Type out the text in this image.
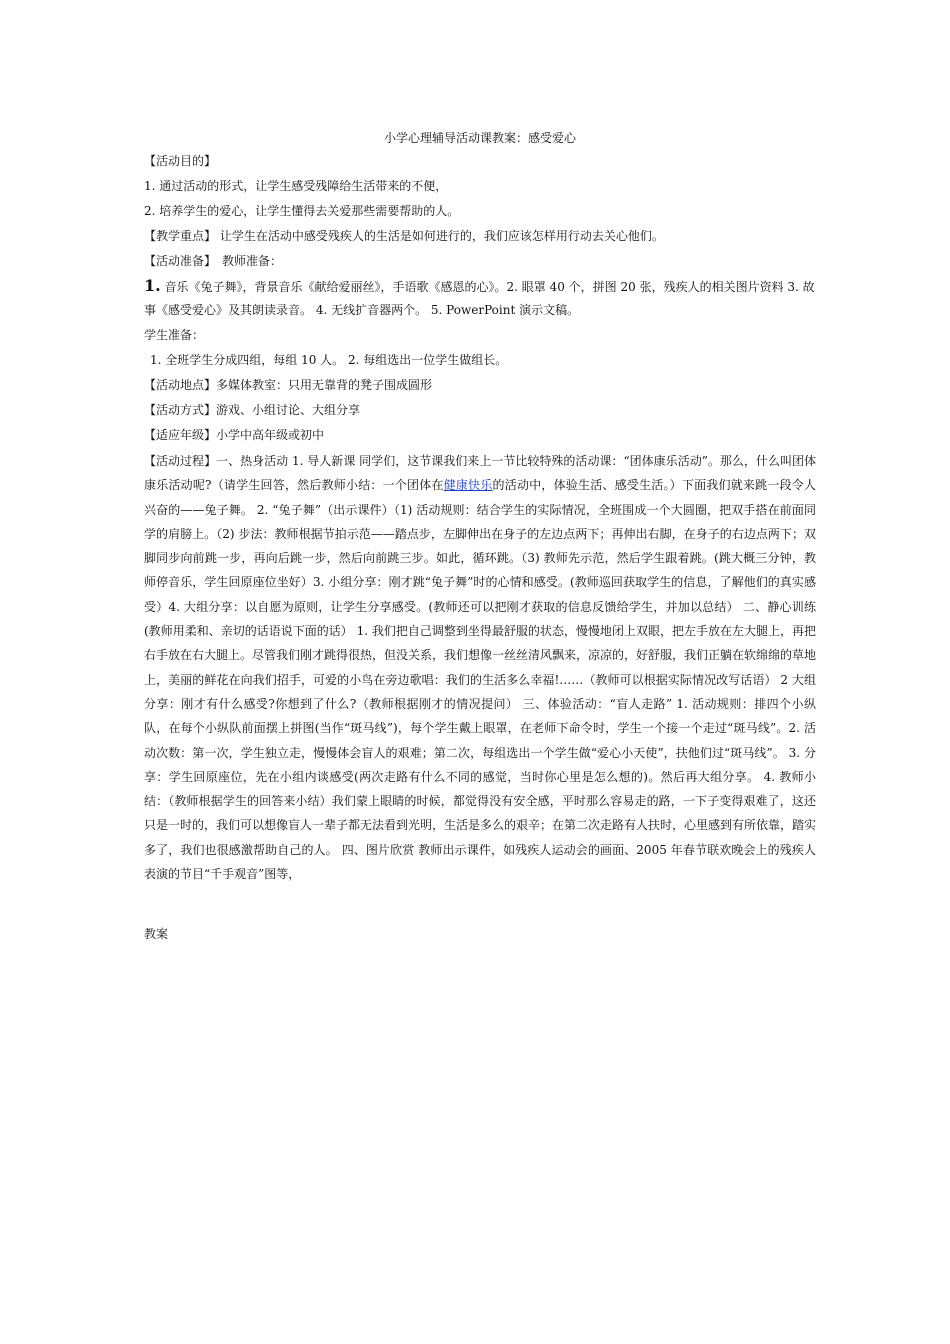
小学心理辅导活动课教案：感受爱心
【活动目的】
1. 通过活动的形式，让学生感受残障给生活带来的不便，
2. 培养学生的爱心，让学生懂得去关爱那些需要帮助的人。
【教学重点】 让学生在活动中感受残疾人的生活是如何进行的，我们应该怎样用行动去关心他们。
【活动准备】　教师准备：
1. 音乐《兔子舞》，背景音乐《献给爱丽丝》，手语歌《感恩的心》。2. 眼罩 40 个，拼图 20 张，残疾人的相关图片资料 3. 故
事《感受爱心》及其朗读录音。 4. 无线扩音器两个。 5. PowerPoint 演示文稿。
学生准备：
1. 全班学生分成四组，每组 10 人。 2. 每组选出一位学生做组长。
【活动地点】多媒体教室：只用无靠背的凳子围成圆形
【活动方式】游戏、小组讨论、大组分享
【适应年级】小学中高年级或初中
【活动过程】一、热身活动 1. 导人新课 同学们，这节课我们来上一节比较特殊的活动课：“团体康乐活动”。那么，什么叫团体康乐活动呢?（请学生回答，然后教师小结：一个团体在健康快乐的活动中，体验生活、感受生活。）下面我们就来跳一段令人兴奋的——兔子舞。 2. “兔子舞”（出示课件）（1) 活动规则：结合学生的实际情况，全班围成一个大圆圈，把双手搭在前面同学的肩膀上。（2) 步法：教师根据节拍示范——踏点步，左脚伸出在身子的左边点两下；再伸出右脚，在身子的右边点两下；双脚同步向前跳一步，再向后跳一步，然后向前跳三步。如此，循环跳。（3) 教师先示范，然后学生跟着跳。(跳大概三分钟，教师停音乐，学生回原座位坐好）3. 小组分享：刚才跳“兔子舞”时的心情和感受。(教师巡回获取学生的信息，了解他们的真实感受）4. 大组分享：以自愿为原则，让学生分享感受。(教师还可以把刚才获取的信息反馈给学生，并加以总结） 二、静心训练(教师用柔和、亲切的话语说下面的话） 1. 我们把自己调整到坐得最舒服的状态，慢慢地闭上双眼，把左手放在左大腿上，再把右手放在右大腿上。尽管我们刚才跳得很热，但没关系，我们想像一丝丝清风飘来，凉凉的，好舒服，我们正躺在软绵绵的草地上，美丽的鲜花在向我们招手，可爱的小鸟在旁边歌唱：我们的生活多么幸福!……（教师可以根据实际情况改写话语） 2 大组分享：刚才有什么感受?你想到了什么?（教师根据刚才的情况提问） 三、体验活动：“盲人走路” 1. 活动规则：排四个小纵队，在每个小纵队前面摆上拼图(当作“斑马线”)，每个学生戴上眼罩，在老师下命令时，学生一个接一个走过“斑马线”。2. 活动次数：第一次，学生独立走，慢慢体会盲人的艰难；第二次，每组选出一个学生做“爱心小天使”，扶他们过“斑马线”。 3. 分享：学生回原座位，先在小组内谈感受(两次走路有什么不同的感觉，当时你心里是怎么想的)。然后再大组分享。 4. 教师小结：（教师根据学生的回答来小结）我们蒙上眼睛的时候，都觉得没有安全感，平时那么容易走的路，一下子变得艰难了，这还只是一时的，我们可以想像盲人一辈子都无法看到光明，生活是多么的艰辛；在第二次走路有人扶时，心里感到有所依靠，踏实多了，我们也很感激帮助自己的人。 四、图片欣赏 教师出示课件，如残疾人运动会的画面、2005 年春节联欢晚会上的残疾人表演的节目“千手观音”图等，
教案
